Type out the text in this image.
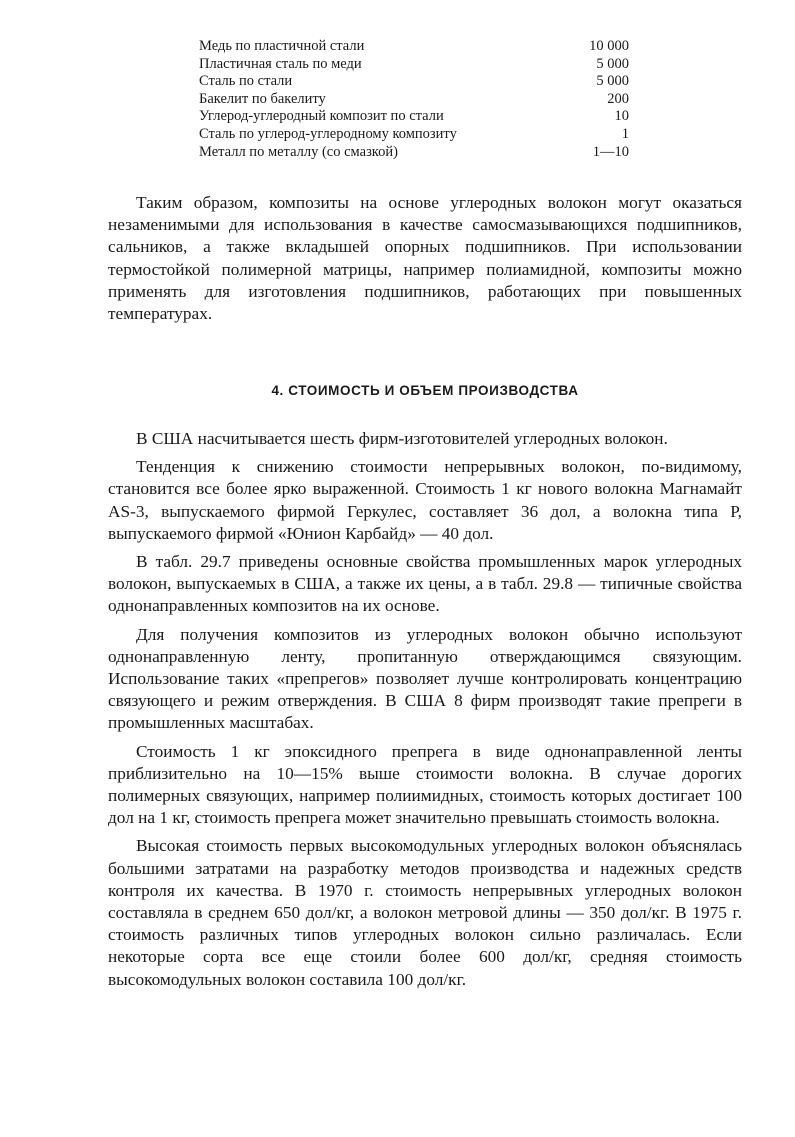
Медь по пластичной стали	10 000
Пластичная сталь по меди	5 000
Сталь по стали	5 000
Бакелит по бакелиту	200
Углерод-углеродный композит по стали	10
Сталь по углерод-углеродному композиту	1
Металл по металлу (со смазкой)	1—10

Таким образом, композиты на основе углеродных волокон могут оказаться незаменимыми для использования в качестве самосмазывающихся подшипников, сальников, а также вкладышей опорных подшипников. При использовании термостойкой полимерной матрицы, например полиамидной, композиты можно применять для изготовления подшипников, работающих при повышенных температурах.

4. СТОИМОСТЬ И ОБЪЕМ ПРОИЗВОДСТВА

В США насчитывается шесть фирм-изготовителей углеродных волокон.

Тенденция к снижению стоимости непрерывных волокон, по-видимому, становится все более ярко выраженной. Стоимость 1 кг нового волокна Магнамайт AS-3, выпускаемого фирмой Геркулес, составляет 36 дол, а волокна типа Р, выпускаемого фирмой «Юнион Карбайд» — 40 дол.

В табл. 29.7 приведены основные свойства промышленных марок углеродных волокон, выпускаемых в США, а также их цены, а в табл. 29.8 — типичные свойства однонаправленных композитов на их основе.

Для получения композитов из углеродных волокон обычно используют однонаправленную ленту, пропитанную отверждающимся связующим. Использование таких «препрегов» позволяет лучше контролировать концентрацию связующего и режим отверждения. В США 8 фирм производят такие препреги в промышленных масштабах.

Стоимость 1 кг эпоксидного препрега в виде однонаправленной ленты приблизительно на 10—15% выше стоимости волокна. В случае дорогих полимерных связующих, например полиимидных, стоимость которых достигает 100 дол на 1 кг, стоимость препрега может значительно превышать стоимость волокна.

Высокая стоимость первых высокомодульных углеродных волокон объяснялась большими затратами на разработку методов производства и надежных средств контроля их качества. В 1970 г. стоимость непрерывных углеродных волокон составляла в среднем 650 дол/кг, а волокон метровой длины — 350 дол/кг. В 1975 г. стоимость различных типов углеродных волокон сильно различалась. Если некоторые сорта все еще стоили более 600 дол/кг, средняя стоимость высокомодульных волокон составила 100 дол/кг.
